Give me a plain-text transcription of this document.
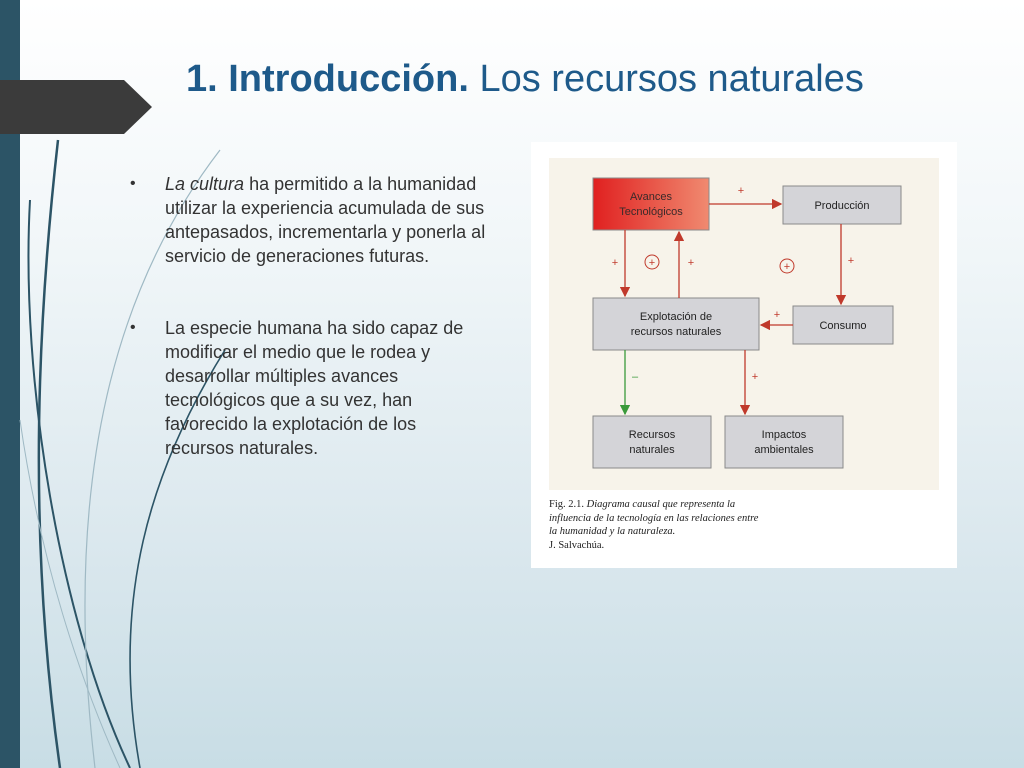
1. Introducción. Los recursos naturales
• La cultura ha permitido a la humanidad utilizar la experiencia acumulada de sus antepasados, incrementarla y ponerla al servicio de generaciones futuras.
• La especie humana ha sido capaz de modificar el medio que le rodea y desarrollar múltiples avances tecnológicos que a su vez, han favorecido la explotación de los recursos naturales.
Avances
Tecnológicos	Producción
Explotación de
recursos naturales	Consumo
Recursos
naturales
Impactos
ambientales
+
+	+
+	+	+
+
–	+
Fig. 2.1. Diagrama causal que representa la influencia de la tecnología en las relaciones entre la humanidad y la naturaleza.
J. Salvachúa.
